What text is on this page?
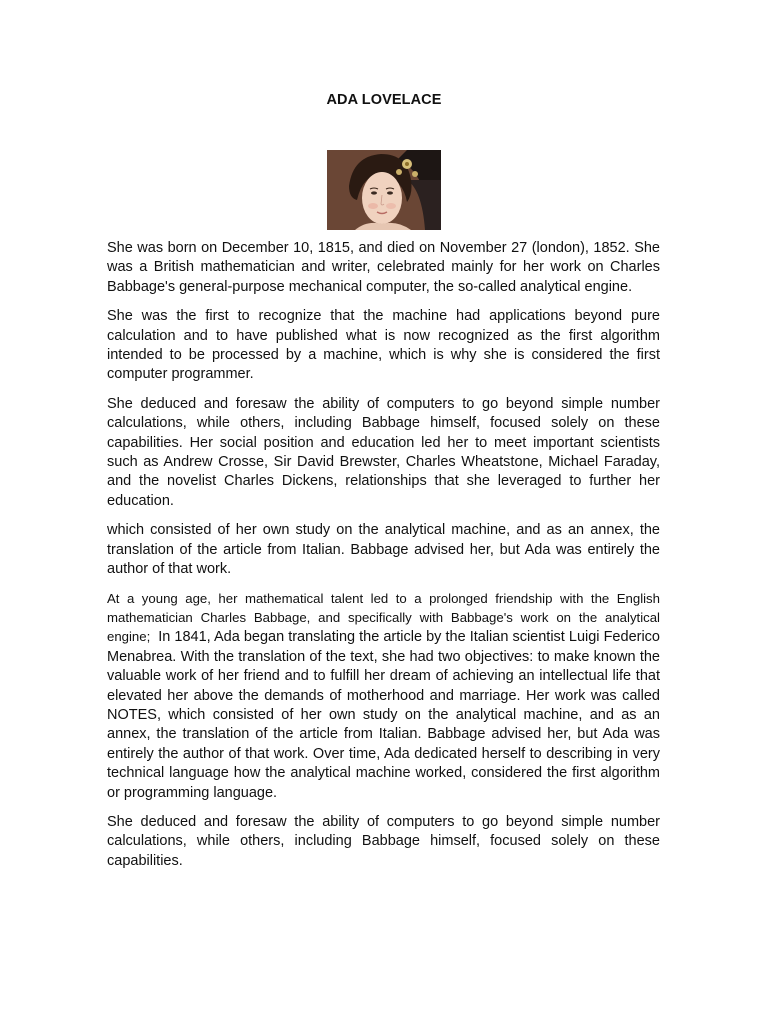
ADA LOVELACE

She was born on December 10, 1815, and died on November 27 (london), 1852. She was a British mathematician and writer, celebrated mainly for her work on Charles Babbage's general-purpose mechanical computer, the so-called analytical engine.

She was the first to recognize that the machine had applications beyond pure calculation and to have published what is now recognized as the first algorithm intended to be processed by a machine, which is why she is considered the first computer programmer.

She deduced and foresaw the ability of computers to go beyond simple number calculations, while others, including Babbage himself, focused solely on these capabilities. Her social position and education led her to meet important scientists such as Andrew Crosse, Sir David Brewster, Charles Wheatstone, Michael Faraday, and the novelist Charles Dickens, relationships that she leveraged to further her education.

which consisted of her own study on the analytical machine, and as an annex, the translation of the article from Italian. Babbage advised her, but Ada was entirely the author of that work.

At a young age, her mathematical talent led to a prolonged friendship with the English mathematician Charles Babbage, and specifically with Babbage's work on the analytical engine; In 1841, Ada began translating the article by the Italian scientist Luigi Federico Menabrea. With the translation of the text, she had two objectives: to make known the valuable work of her friend and to fulfill her dream of achieving an intellectual life that elevated her above the demands of motherhood and marriage. Her work was called NOTES, which consisted of her own study on the analytical machine, and as an annex, the translation of the article from Italian. Babbage advised her, but Ada was entirely the author of that work. Over time, Ada dedicated herself to describing in very technical language how the analytical machine worked, considered the first algorithm or programming language.

She deduced and foresaw the ability of computers to go beyond simple number calculations, while others, including Babbage himself, focused solely on these capabilities.
